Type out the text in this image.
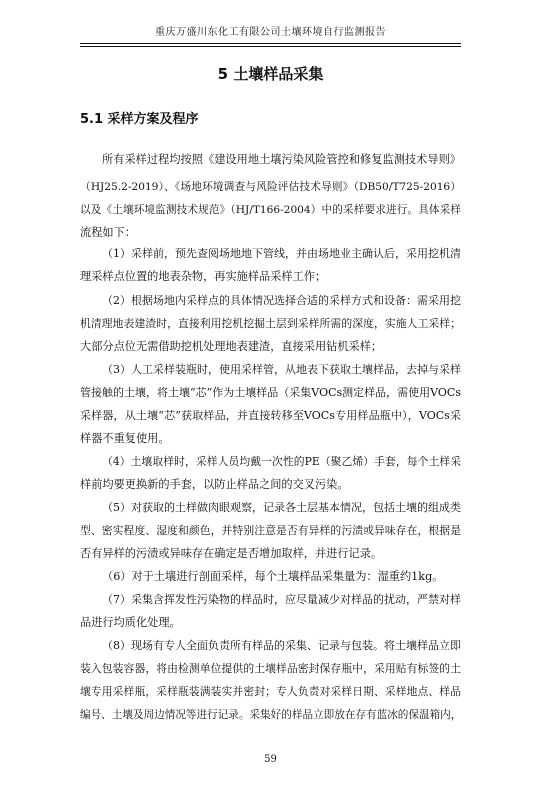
重庆万盛川东化工有限公司土壤环境自行监测报告
5 土壤样品采集
5.1 采样方案及程序
所有采样过程均按照《建设用地土壤污染风险管控和修复监测技术导则》
（HJ25.2-2019）、《场地环境调查与风险评估技术导则》（DB50/T725-2016）
以及《土壤环境监测技术规范》（HJ/T166-2004）中的采样要求进行。具体采样
流程如下：
（1）采样前，预先查阅场地地下管线，并由场地业主确认后，采用挖机清
理采样点位置的地表杂物，再实施样品采样工作；
（2）根据场地内采样点的具体情况选择合适的采样方式和设备：需采用挖
机清理地表建渣时，直接利用挖机挖掘土层到采样所需的深度，实施人工采样；
大部分点位无需借助挖机处理地表建渣，直接采用钻机采样；
（3）人工采样装瓶时，使用采样管，从地表下获取土壤样品，去掉与采样
管接触的土壤，将土壤“芯”作为土壤样品（采集VOCs测定样品，需使用VOCs
采样器，从土壤“芯”获取样品，并直接转移至VOCs专用样品瓶中），VOCs采
样器不重复使用。
（4）土壤取样时，采样人员均戴一次性的PE（聚乙烯）手套，每个土样采
样前均要更换新的手套，以防止样品之间的交叉污染。
（5）对获取的土样做肉眼观察，记录各土层基本情况，包括土壤的组成类
型、密实程度、湿度和颜色，并特别注意是否有异样的污渍或异味存在，根据是
否有异样的污渍或异味存在确定是否增加取样，并进行记录。
（6）对于土壤进行剖面采样，每个土壤样品采集量为：湿重约1kg。
（7）采集含挥发性污染物的样品时，应尽量减少对样品的扰动，严禁对样
品进行均质化处理。
（8）现场有专人全面负责所有样品的采集、记录与包装。将土壤样品立即
装入包装容器，将由检测单位提供的土壤样品密封保存瓶中，采用贴有标签的土
壤专用采样瓶，采样瓶装满装实并密封；专人负责对采样日期、采样地点、样品
编号、土壤及周边情况等进行记录。采集好的样品立即放在存有蓝冰的保温箱内，
59
